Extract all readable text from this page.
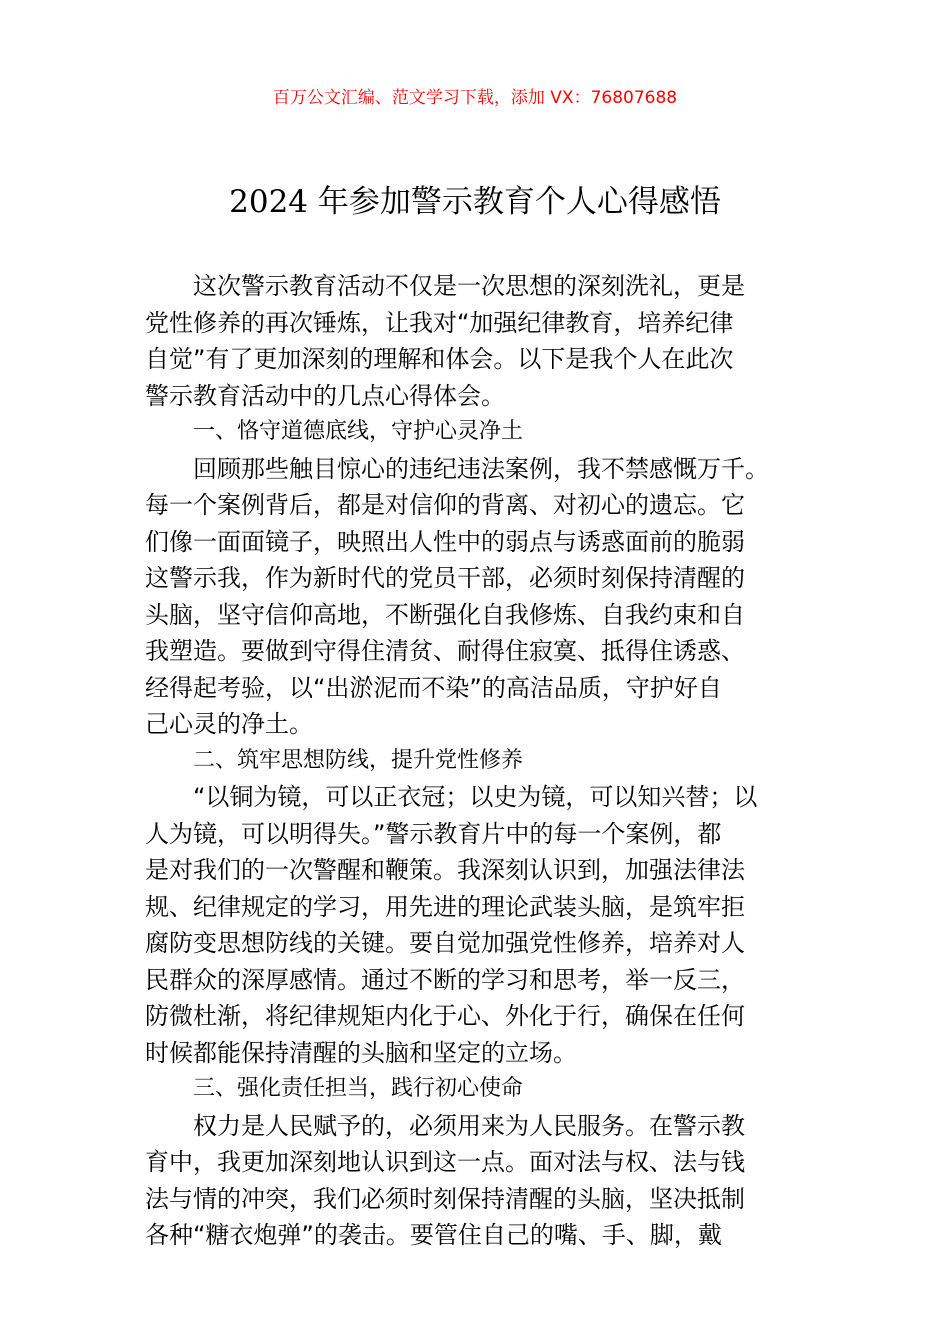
百万公文汇编、范文学习下载，添加 VX：76807688
2024 年参加警示教育个人心得感悟
这次警示教育活动不仅是一次思想的深刻洗礼，更是
党性修养的再次锤炼，让我对“加强纪律教育，培养纪律
自觉”有了更加深刻的理解和体会。以下是我个人在此次
警示教育活动中的几点心得体会。
一、恪守道德底线，守护心灵净土
回顾那些触目惊心的违纪违法案例，我不禁感慨万千。
每一个案例背后，都是对信仰的背离、对初心的遗忘。它
们像一面面镜子，映照出人性中的弱点与诱惑面前的脆弱
这警示我，作为新时代的党员干部，必须时刻保持清醒的
头脑，坚守信仰高地，不断强化自我修炼、自我约束和自
我塑造。要做到守得住清贫、耐得住寂寞、抵得住诱惑、
经得起考验，以“出淤泥而不染”的高洁品质，守护好自
己心灵的净土。
二、筑牢思想防线，提升党性修养
“以铜为镜，可以正衣冠；以史为镜，可以知兴替；以
人为镜，可以明得失。”警示教育片中的每一个案例，都
是对我们的一次警醒和鞭策。我深刻认识到，加强法律法
规、纪律规定的学习，用先进的理论武装头脑，是筑牢拒
腐防变思想防线的关键。要自觉加强党性修养，培养对人
民群众的深厚感情。通过不断的学习和思考，举一反三，
防微杜渐，将纪律规矩内化于心、外化于行，确保在任何
时候都能保持清醒的头脑和坚定的立场。
三、强化责任担当，践行初心使命
权力是人民赋予的，必须用来为人民服务。在警示教
育中，我更加深刻地认识到这一点。面对法与权、法与钱
法与情的冲突，我们必须时刻保持清醒的头脑，坚决抵制
各种“糖衣炮弹”的袭击。要管住自己的嘴、手、脚，戴
